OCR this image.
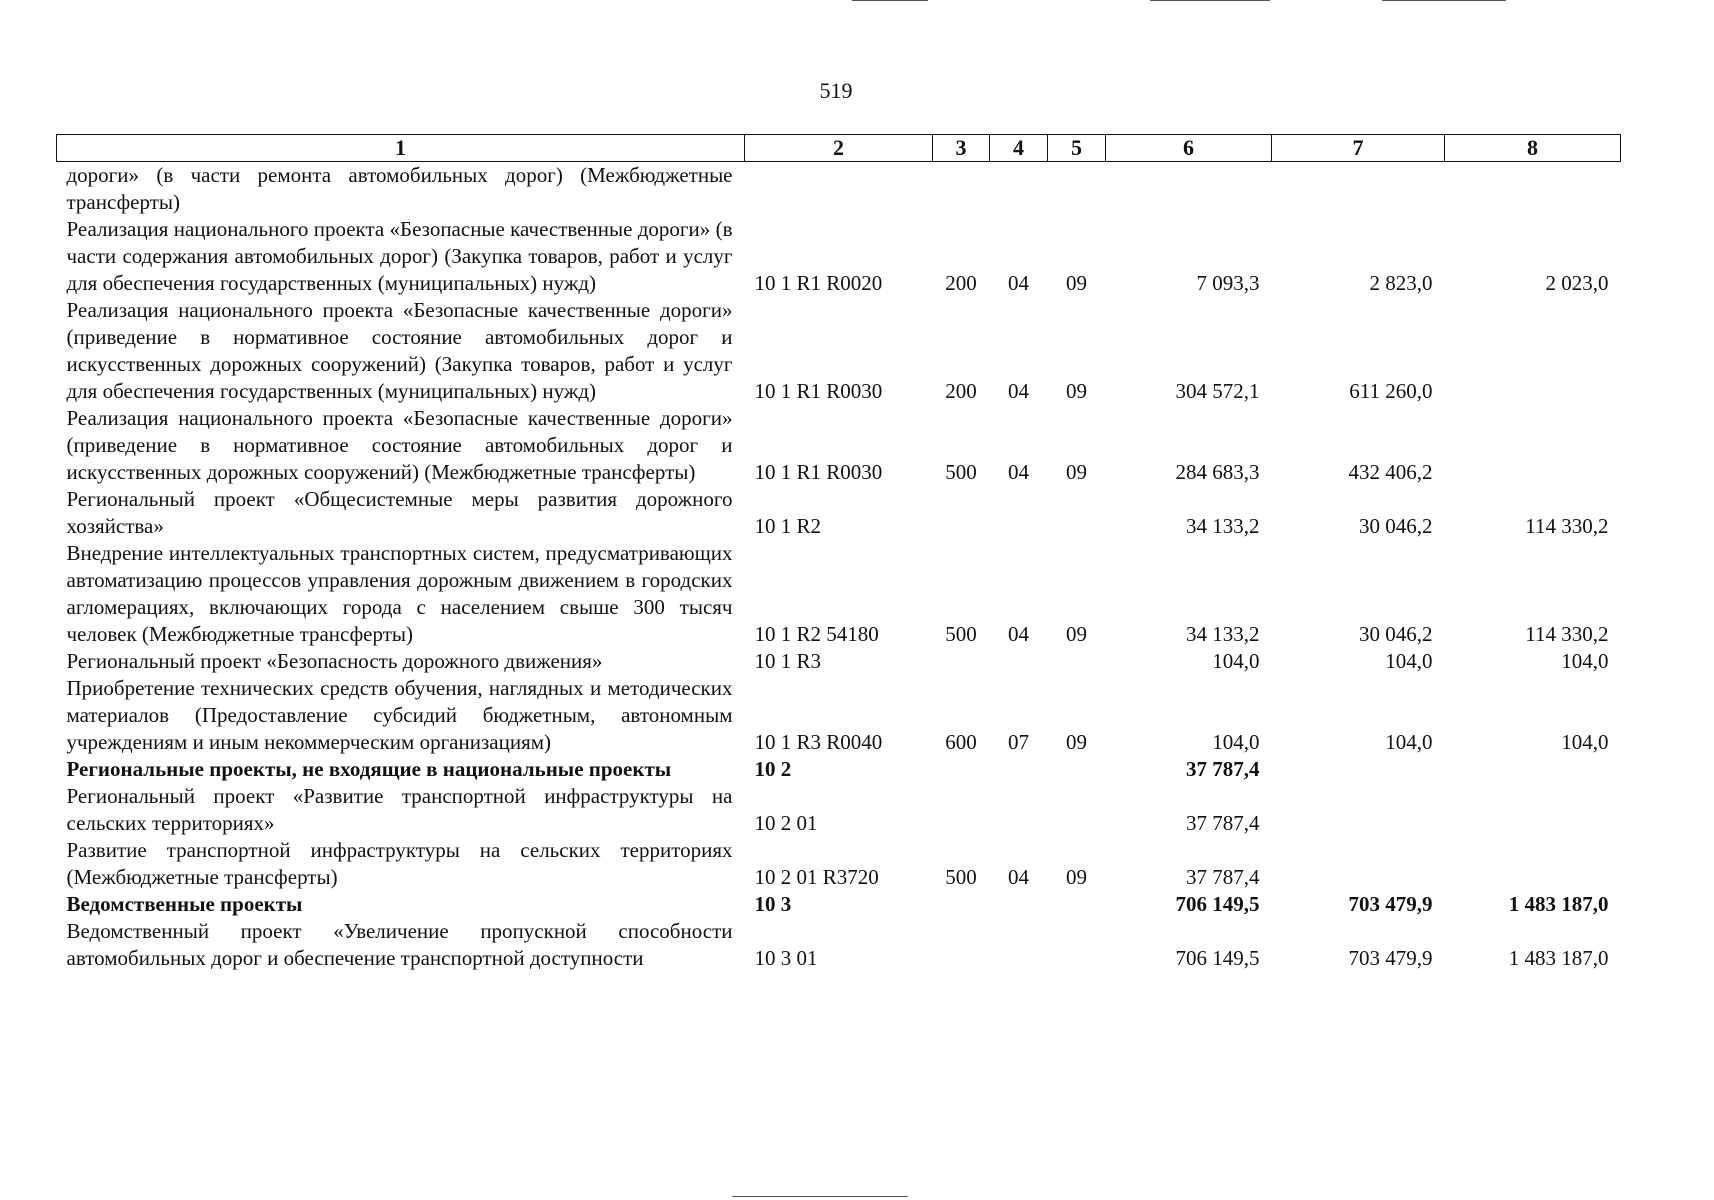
519
1	2	3	4	5	6	7	8
дороги» (в части ремонта автомобильных дорог) (Межбюджетные трансферты)							
Реализация национального проекта «Безопасные качественные дороги» (в части содержания автомобильных дорог) (Закупка товаров, работ и услуг для обеспечения государственных (муниципальных) нужд)	10 1 R1 R0020	200	04	09	7 093,3	2 823,0	2 023,0
Реализация национального проекта «Безопасные качественные дороги» (приведение в нормативное состояние автомобильных дорог и искусственных дорожных сооружений) (Закупка товаров, работ и услуг для обеспечения государственных (муниципальных) нужд)	10 1 R1 R0030	200	04	09	304 572,1	611 260,0	
Реализация национального проекта «Безопасные качественные дороги» (приведение в нормативное состояние автомобильных дорог и искусственных дорожных сооружений) (Межбюджетные трансферты)	10 1 R1 R0030	500	04	09	284 683,3	432 406,2	
Региональный проект «Общесистемные меры развития дорожного хозяйства»	10 1 R2				34 133,2	30 046,2	114 330,2
Внедрение интеллектуальных транспортных систем, предусматривающих автоматизацию процессов управления дорожным движением в городских агломерациях, включающих города с населением свыше 300 тысяч человек (Межбюджетные трансферты)	10 1 R2 54180	500	04	09	34 133,2	30 046,2	114 330,2
Региональный проект «Безопасность дорожного движения»	10 1 R3				104,0	104,0	104,0
Приобретение технических средств обучения, наглядных и методических материалов (Предоставление субсидий бюджетным, автономным учреждениям и иным некоммерческим организациям)	10 1 R3 R0040	600	07	09	104,0	104,0	104,0
Региональные проекты, не входящие в национальные проекты	10 2				37 787,4		
Региональный проект «Развитие транспортной инфраструктуры на сельских территориях»	10 2 01				37 787,4		
Развитие транспортной инфраструктуры на сельских территориях (Межбюджетные трансферты)	10 2 01 R3720	500	04	09	37 787,4		
Ведомственные проекты	10 3				706 149,5	703 479,9	1 483 187,0
Ведомственный проект «Увеличение пропускной способности автомобильных дорог и обеспечение транспортной доступности	10 3 01				706 149,5	703 479,9	1 483 187,0
